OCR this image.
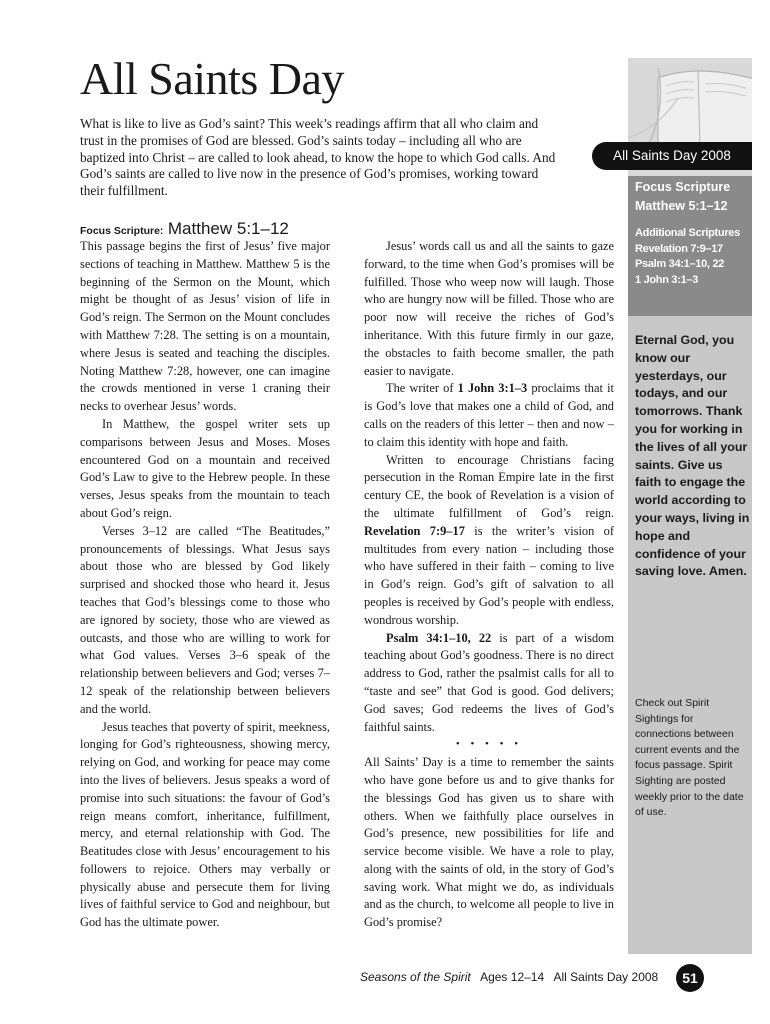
All Saints Day

What is like to live as God’s saint? This week’s readings affirm that all who claim and trust in the promises of God are blessed. God’s saints today – including all who are baptized into Christ – are called to look ahead, to know the hope to which God calls. And God’s saints are called to live now in the presence of God’s promises, working toward their fulfillment.

Focus Scripture: Matthew 5:1–12

This passage begins the first of Jesus’ five major sections of teaching in Matthew. Matthew 5 is the beginning of the Sermon on the Mount, which might be thought of as Jesus’ vision of life in God’s reign. The Sermon on the Mount concludes with Matthew 7:28. The setting is on a mountain, where Jesus is seated and teaching the disciples. Noting Matthew 7:28, however, one can imagine the crowds mentioned in verse 1 craning their necks to overhear Jesus’ words.

In Matthew, the gospel writer sets up comparisons between Jesus and Moses. Moses encountered God on a mountain and received God’s Law to give to the Hebrew people. In these verses, Jesus speaks from the mountain to teach about God’s reign.

Verses 3–12 are called “The Beatitudes,” pronouncements of blessings. What Jesus says about those who are blessed by God likely surprised and shocked those who heard it. Jesus teaches that God’s blessings come to those who are ignored by society, those who are viewed as outcasts, and those who are willing to work for what God values. Verses 3–6 speak of the relationship between believers and God; verses 7–12 speak of the relationship between believers and the world.

Jesus teaches that poverty of spirit, meekness, longing for God’s righteousness, showing mercy, relying on God, and working for peace may come into the lives of believers. Jesus speaks a word of promise into such situations: the favour of God’s reign means comfort, inheritance, fulfillment, mercy, and eternal relationship with God. The Beatitudes close with Jesus’ encouragement to his followers to rejoice. Others may verbally or physically abuse and persecute them for living lives of faithful service to God and neighbour, but God has the ultimate power.

Jesus’ words call us and all the saints to gaze forward, to the time when God’s promises will be fulfilled. Those who weep now will laugh. Those who are hungry now will be filled. Those who are poor now will receive the riches of God’s inheritance. With this future firmly in our gaze, the obstacles to faith become smaller, the path easier to navigate.

The writer of 1 John 3:1–3 proclaims that it is God’s love that makes one a child of God, and calls on the readers of this letter – then and now – to claim this identity with hope and faith.

Written to encourage Christians facing persecution in the Roman Empire late in the first century CE, the book of Revelation is a vision of the ultimate fulfillment of God’s reign. Revelation 7:9–17 is the writer’s vision of multitudes from every nation – including those who have suffered in their faith – coming to live in God’s reign. God’s gift of salvation to all peoples is received by God’s people with endless, wondrous worship.

Psalm 34:1–10, 22 is part of a wisdom teaching about God’s goodness. There is no direct address to God, rather the psalmist calls for all to “taste and see” that God is good. God delivers; God saves; God redeems the lives of God’s faithful saints.

• • • • •

All Saints’ Day is a time to remember the saints who have gone before us and to give thanks for the blessings God has given us to share with others. When we faithfully place ourselves in God’s presence, new possibilities for life and service become visible. We have a role to play, along with the saints of old, in the story of God’s saving work. What might we do, as individuals and as the church, to welcome all people to live in God’s promise?

All Saints Day 2008
Focus Scripture
Matthew 5:1–12
Additional Scriptures
Revelation 7:9–17
Psalm 34:1–10, 22
1 John 3:1–3
Eternal God, you know our yesterdays, our todays, and our tomorrows. Thank you for working in the lives of all your saints. Give us faith to engage the world according to your ways, living in hope and confidence of your saving love. Amen.
Check out Spirit Sightings for connections between current events and the focus passage. Spirit Sighting are posted weekly prior to the date of use.
Seasons of the Spirit Ages 12–14 All Saints Day 2008	51
